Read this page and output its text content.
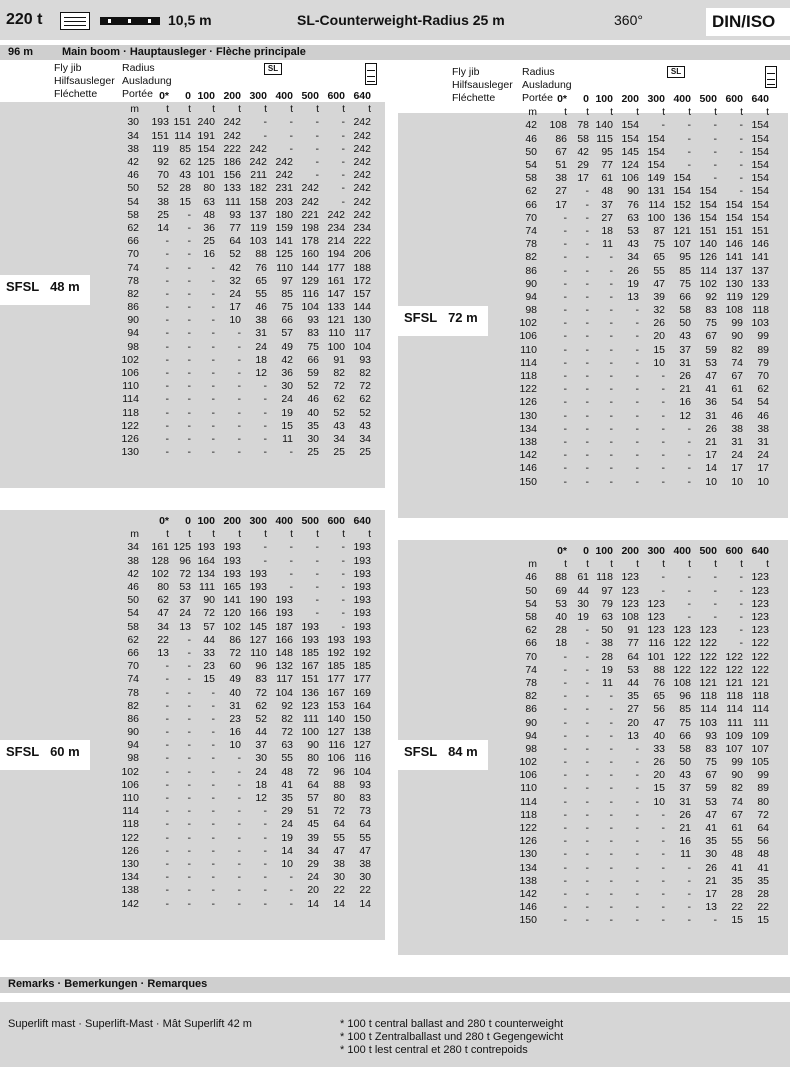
220 t	10,5 m	SL-Counterweight-Radius 25 m	360°	DIN/ISO
96 m	Main boom · Hauptausleger · Flèche principale
Fly jib
Hilfsausleger
Fléchette
Radius
Ausladung
Portée
SL	Fly jib
Hilfsausleger
Fléchette
Radius
Ausladung
Portée
SL
SFSL 48 m
SFSL 72 m
SFSL 60 m	SFSL 84 m
	0*	0	100	200	300	400	500	600	640
m	t	t	t	t	t	t	t	t	t
30	193	151	240	242	-	-	-	-	242
34	151	114	191	242	-	-	-	-	242
38	119	85	154	222	242	-	-	-	242
42	92	62	125	186	242	242	-	-	242
46	70	43	101	156	211	242	-	-	242
50	52	28	80	133	182	231	242	-	242
54	38	15	63	111	158	203	242	-	242
58	25	-	48	93	137	180	221	242	242
62	14	-	36	77	119	159	198	234	234
66	-	-	25	64	103	141	178	214	222
70	-	-	16	52	88	125	160	194	206
74	-	-	-	42	76	110	144	177	188
78	-	-	-	32	65	97	129	161	172
82	-	-	-	24	55	85	116	147	157
86	-	-	-	17	46	75	104	133	144
90	-	-	-	10	38	66	93	121	130
94	-	-	-	-	31	57	83	110	117
98	-	-	-	-	24	49	75	100	104
102	-	-	-	-	18	42	66	91	93
106	-	-	-	-	12	36	59	82	82
110	-	-	-	-	-	30	52	72	72
114	-	-	-	-	-	24	46	62	62
118	-	-	-	-	-	19	40	52	52
122	-	-	-	-	-	15	35	43	43
126	-	-	-	-	-	11	30	34	34
130	-	-	-	-	-	-	25	25	25
	0*	0	100	200	300	400	500	600	640
m	t	t	t	t	t	t	t	t	t
42	108	78	140	154	-	-	-	-	154
46	86	58	115	154	154	-	-	-	154
50	67	42	95	145	154	-	-	-	154
54	51	29	77	124	154	-	-	-	154
58	38	17	61	106	149	154	-	-	154
62	27	-	48	90	131	154	154	-	154
66	17	-	37	76	114	152	154	154	154
70	-	-	27	63	100	136	154	154	154
74	-	-	18	53	87	121	151	151	151
78	-	-	11	43	75	107	140	146	146
82	-	-	-	34	65	95	126	141	141
86	-	-	-	26	55	85	114	137	137
90	-	-	-	19	47	75	102	130	133
94	-	-	-	13	39	66	92	119	129
98	-	-	-	-	32	58	83	108	118
102	-	-	-	-	26	50	75	99	103
106	-	-	-	-	20	43	67	90	99
110	-	-	-	-	15	37	59	82	89
114	-	-	-	-	10	31	53	74	79
118	-	-	-	-	-	26	47	67	70
122	-	-	-	-	-	21	41	61	62
126	-	-	-	-	-	16	36	54	54
130	-	-	-	-	-	12	31	46	46
134	-	-	-	-	-	-	26	38	38
138	-	-	-	-	-	-	21	31	31
142	-	-	-	-	-	-	17	24	24
146	-	-	-	-	-	-	14	17	17
150	-	-	-	-	-	-	10	10	10
	0*	0	100	200	300	400	500	600	640
m	t	t	t	t	t	t	t	t	t
34	161	125	193	193	-	-	-	-	193
38	128	96	164	193	-	-	-	-	193
42	102	72	134	193	193	-	-	-	193
46	80	53	111	165	193	-	-	-	193
50	62	37	90	141	190	193	-	-	193
54	47	24	72	120	166	193	-	-	193
58	34	13	57	102	145	187	193	-	193
62	22	-	44	86	127	166	193	193	193
66	13	-	33	72	110	148	185	192	192
70	-	-	23	60	96	132	167	185	185
74	-	-	15	49	83	117	151	177	177
78	-	-	-	40	72	104	136	167	169
82	-	-	-	31	62	92	123	153	164
86	-	-	-	23	52	82	111	140	150
90	-	-	-	16	44	72	100	127	138
94	-	-	-	10	37	63	90	116	127
98	-	-	-	-	30	55	80	106	116
102	-	-	-	-	24	48	72	96	104
106	-	-	-	-	18	41	64	88	93
110	-	-	-	-	12	35	57	80	83
114	-	-	-	-	-	29	51	72	73
118	-	-	-	-	-	24	45	64	64
122	-	-	-	-	-	19	39	55	55
126	-	-	-	-	-	14	34	47	47
130	-	-	-	-	-	10	29	38	38
134	-	-	-	-	-	-	24	30	30
138	-	-	-	-	-	-	20	22	22
142	-	-	-	-	-	-	14	14	14
	0*	0	100	200	300	400	500	600	640
m	t	t	t	t	t	t	t	t	t
46	88	61	118	123	-	-	-	-	123
50	69	44	97	123	-	-	-	-	123
54	53	30	79	123	123	-	-	-	123
58	40	19	63	108	123	-	-	-	123
62	28	-	50	91	123	123	123	-	123
66	18	-	38	77	116	122	122	-	122
70	-	-	28	64	101	122	122	122	122
74	-	-	19	53	88	122	122	122	122
78	-	-	11	44	76	108	121	121	121
82	-	-	-	35	65	96	118	118	118
86	-	-	-	27	56	85	114	114	114
90	-	-	-	20	47	75	103	111	111
94	-	-	-	13	40	66	93	109	109
98	-	-	-	-	33	58	83	107	107
102	-	-	-	-	26	50	75	99	105
106	-	-	-	-	20	43	67	90	99
110	-	-	-	-	15	37	59	82	89
114	-	-	-	-	10	31	53	74	80
118	-	-	-	-	-	26	47	67	72
122	-	-	-	-	-	21	41	61	64
126	-	-	-	-	-	16	35	55	56
130	-	-	-	-	-	11	30	48	48
134	-	-	-	-	-	-	26	41	41
138	-	-	-	-	-	-	21	35	35
142	-	-	-	-	-	-	17	28	28
146	-	-	-	-	-	-	13	22	22
150	-	-	-	-	-	-	-	15	15
Remarks · Bemerkungen · Remarques
Superlift mast · Superlift-Mast · Mât Superlift 42 m	* 100 t central ballast and 280 t counterweight
* 100 t Zentralballast und 280 t Gegengewicht
* 100 t lest central et 280 t contrepoids
